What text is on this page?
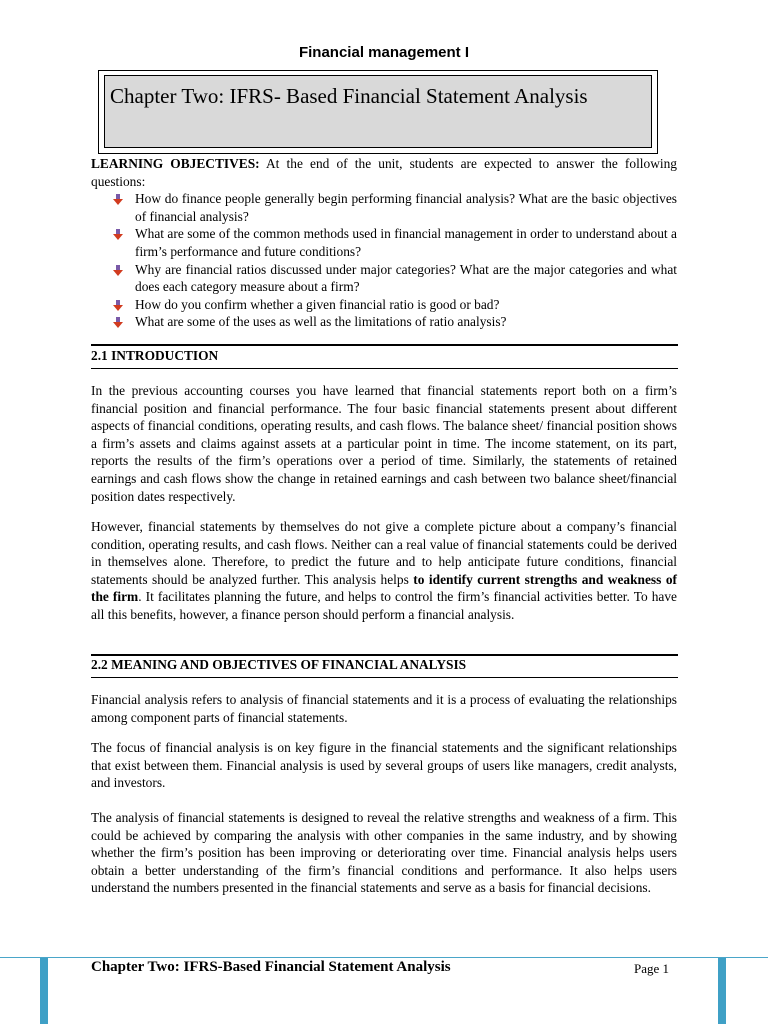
Financial management I

Chapter Two: IFRS- Based Financial Statement Analysis

LEARNING OBJECTIVES: At the end of the unit, students are expected to answer the following questions:

How do finance people generally begin performing financial analysis? What are the basic objectives of financial analysis?
What are some of the common methods used in financial management in order to understand about a firm’s performance and future conditions?
Why are financial ratios discussed under major categories? What are the major categories and what does each category measure about a firm?
How do you confirm whether a given financial ratio is good or bad?
What are some of the uses as well as the limitations of ratio analysis?

2.1 INTRODUCTION

In the previous accounting courses you have learned that financial statements report both on a firm’s financial position and financial performance. The four basic financial statements present about different aspects of financial conditions, operating results, and cash flows. The balance sheet/ financial position shows a firm’s assets and claims against assets at a particular point in time. The income statement, on its part, reports the results of the firm’s operations over a period of time. Similarly, the statements of retained earnings and cash flows show the change in retained earnings and cash between two balance sheet/financial position dates respectively.

However, financial statements by themselves do not give a complete picture about a company’s financial condition, operating results, and cash flows. Neither can a real value of financial statements could be derived in themselves alone. Therefore, to predict the future and to help anticipate future conditions, financial statements should be analyzed further. This analysis helps to identify current strengths and weakness of the firm. It facilitates planning the future, and helps to control the firm’s financial activities better. To have all this benefits, however, a finance person should perform a financial analysis.

2.2 MEANING AND OBJECTIVES OF FINANCIAL ANALYSIS

Financial analysis refers to analysis of financial statements and it is a process of evaluating the relationships among component parts of financial statements.

The focus of financial analysis is on key figure in the financial statements and the significant relationships that exist between them. Financial analysis is used by several groups of users like managers, credit analysts, and investors.

The analysis of financial statements is designed to reveal the relative strengths and weakness of a firm. This could be achieved by comparing the analysis with other companies in the same industry, and by showing whether the firm’s position has been improving or deteriorating over time. Financial analysis helps users obtain a better understanding of the firm’s financial conditions and performance. It also helps users understand the numbers presented in the financial statements and serve as a basis for financial decisions.

Chapter Two: IFRS-Based Financial Statement Analysis	Page 1
